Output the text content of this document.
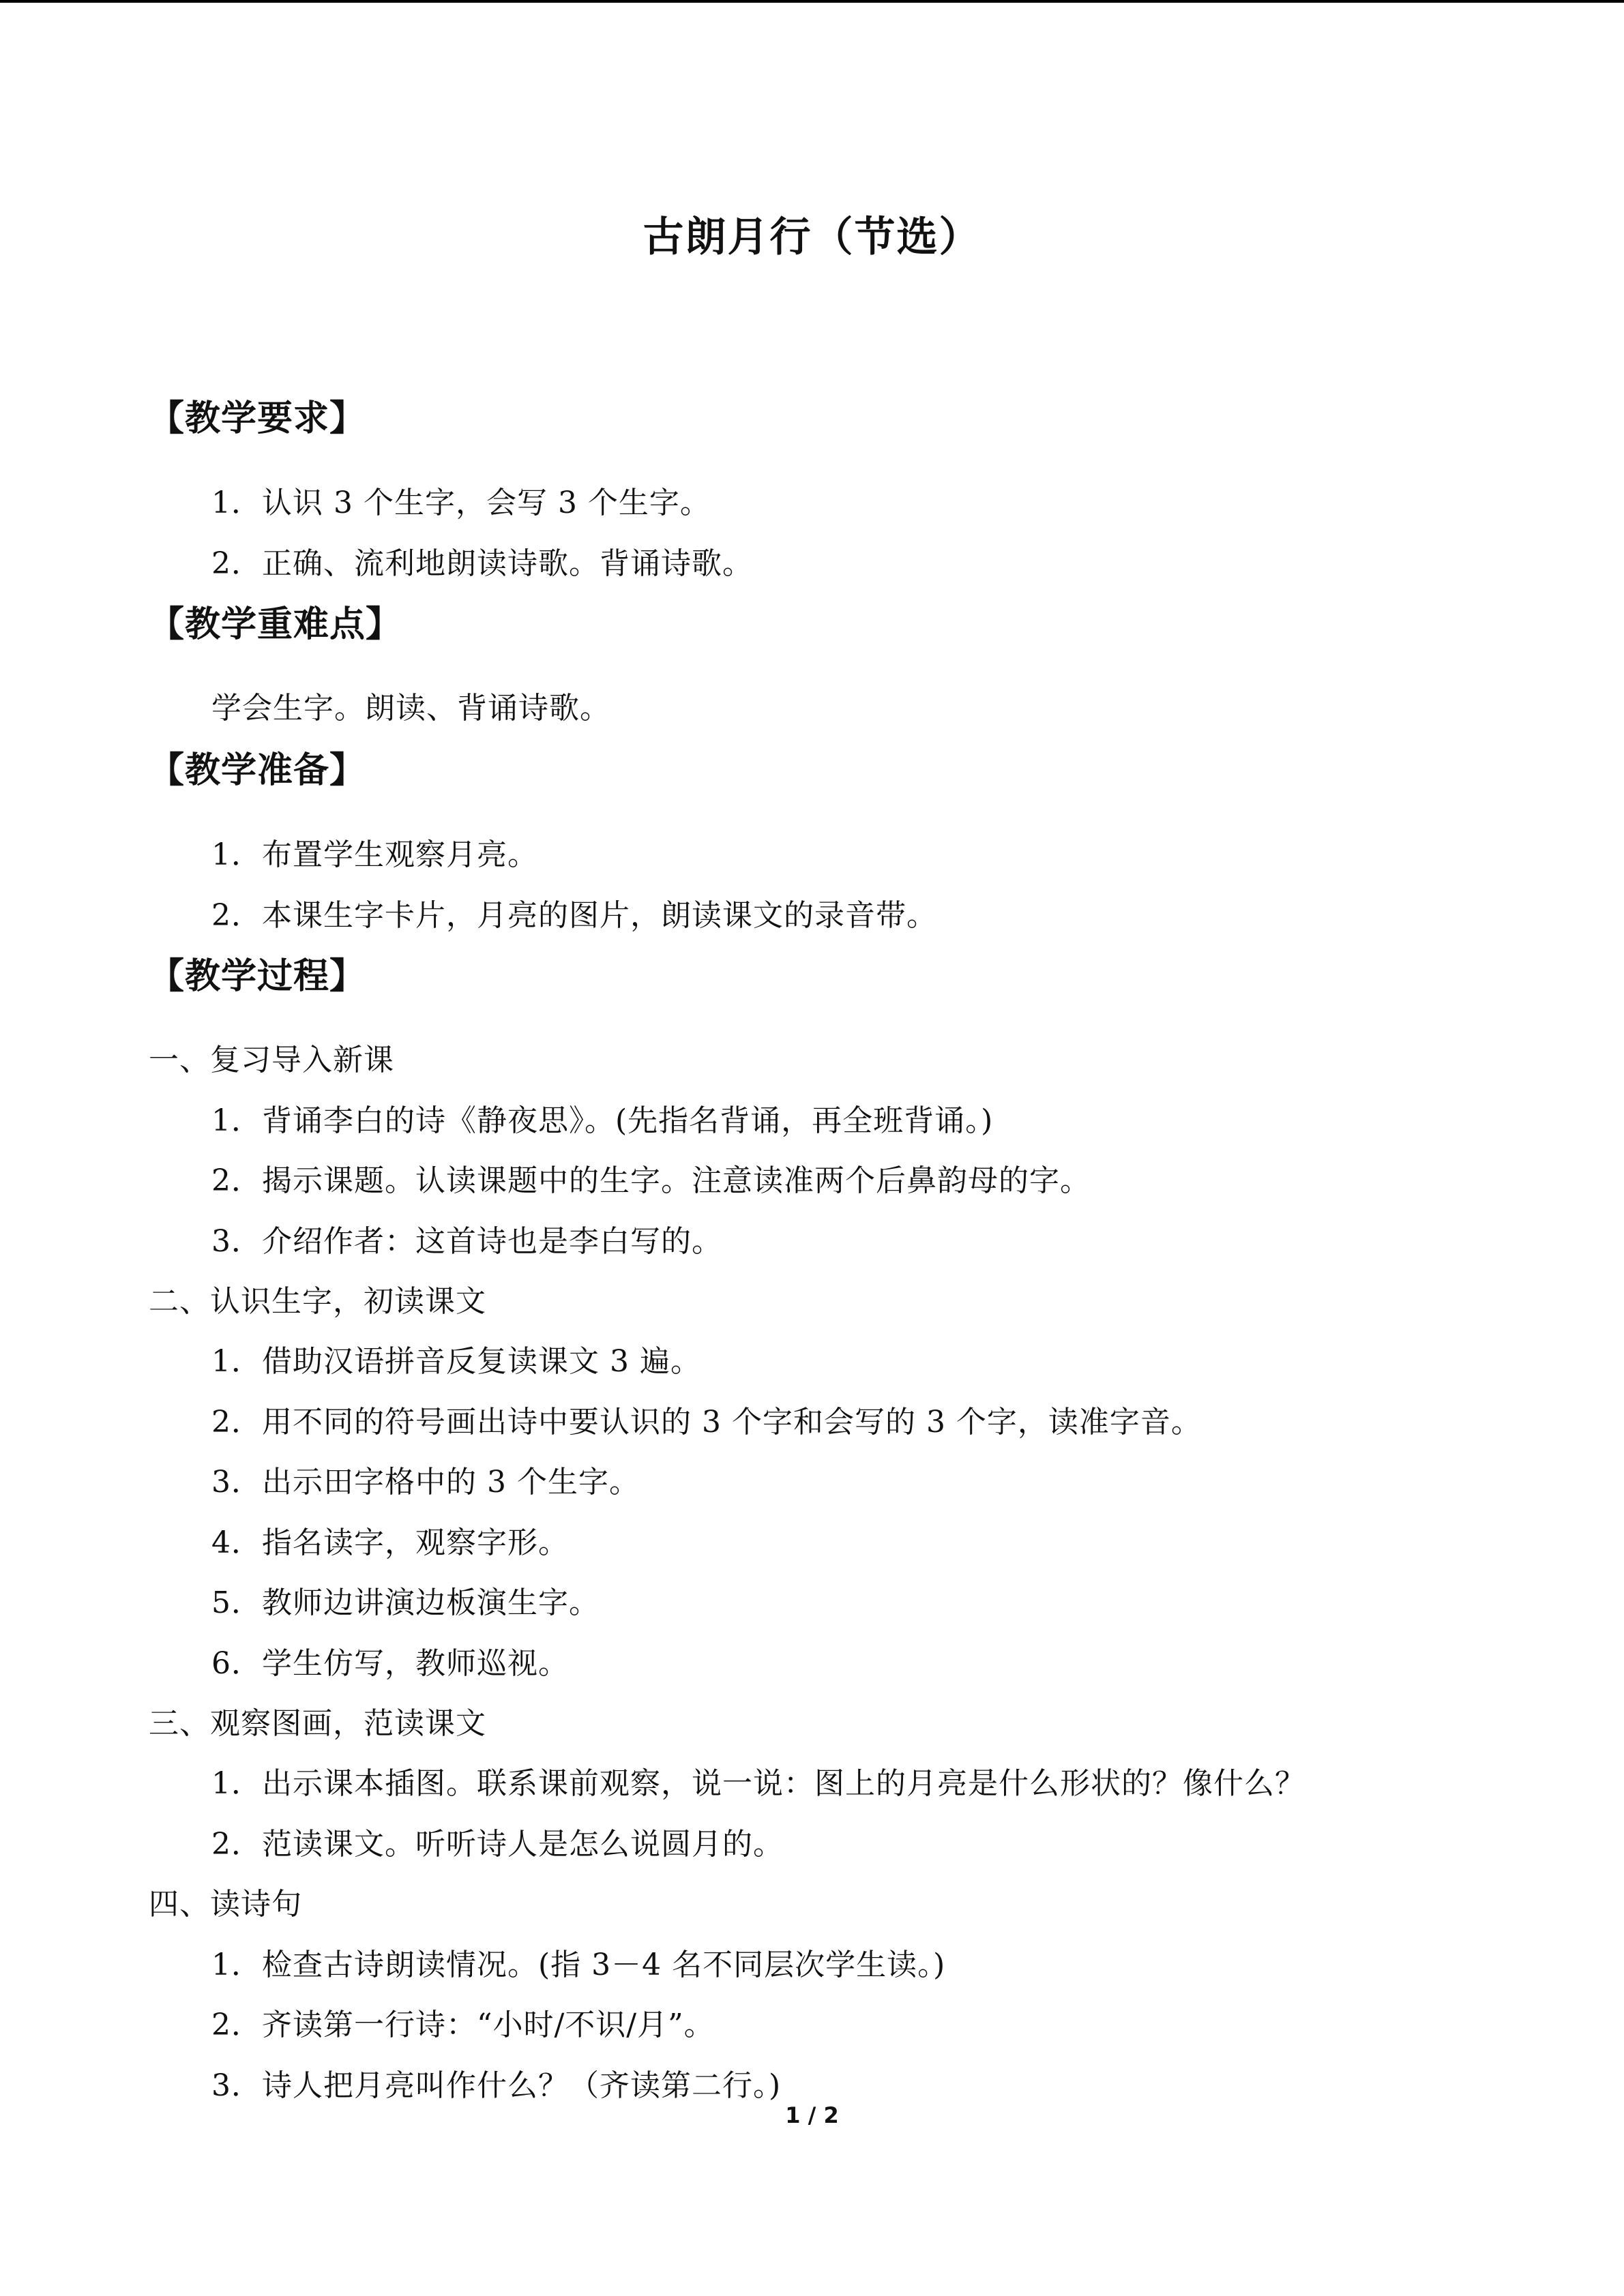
古朗月行（节选）
【教学要求】
1．认识 3 个生字，会写 3 个生字。
2．正确、流利地朗读诗歌。背诵诗歌。
【教学重难点】
学会生字。朗读、背诵诗歌。
【教学准备】
1．布置学生观察月亮。
2．本课生字卡片，月亮的图片，朗读课文的录音带。
【教学过程】
一、复习导入新课
1．背诵李白的诗《静夜思》。(先指名背诵，再全班背诵。)
2．揭示课题。认读课题中的生字。注意读准两个后鼻韵母的字。
3．介绍作者：这首诗也是李白写的。
二、认识生字，初读课文
1．借助汉语拼音反复读课文 3 遍。
2．用不同的符号画出诗中要认识的 3 个字和会写的 3 个字，读准字音。
3．出示田字格中的 3 个生字。
4．指名读字，观察字形。
5．教师边讲演边板演生字。
6．学生仿写，教师巡视。
三、观察图画，范读课文
1．出示课本插图。联系课前观察，说一说：图上的月亮是什么形状的？像什么？
2．范读课文。听听诗人是怎么说圆月的。
四、读诗句
1．检查古诗朗读情况。(指 3－4 名不同层次学生读。)
2．齐读第一行诗：“小时/不识/月”。
3．诗人把月亮叫作什么？（齐读第二行。)
1 / 2
